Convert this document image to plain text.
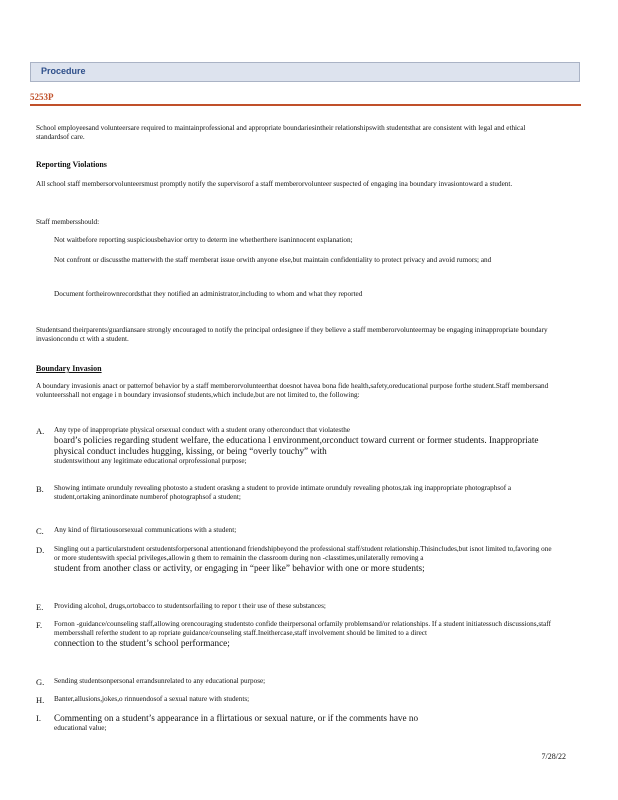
Procedure
5253P
School employeesand volunteersare required to maintainprofessional and appropriate boundariesintheir relationshipswith studentsthat are consistent with legal and ethical standardsof care.
Reporting Violations
All school staff membersorvolunteersmust promptly notify the supervisorof a staff memberorvolunteer suspected of engaging ina boundary invasiontoward a student.
Staff membersshould:
Not waitbefore reporting suspiciousbehavior ortry to determ ine whetherthere isaninnocent explanation;
Not confront or discussthe matterwith the staff memberat issue orwith anyone else,but maintain confidentiality to protect privacy and avoid rumors; and
Document fortheirownrecordsthat they notified an administrator,including to whom and what they reported
Studentsand theirparents/guardiansare strongly encouraged to notify the principal ordesignee if they believe a staff memberorvolunteermay be engaging ininappropriate boundary invasioncondu ct with a student.
Boundary Invasion
A boundary invasionis anact or patternof behavior by a staff memberorvolunteerthat doesnot havea bona fide health,safety,oreducational purpose forthe student.Staff membersand volunteersshall not engage i n boundary invasionsof students,which include,but are not limited to, the following:
A. Any type of inappropriate physical orsexual conduct with a student orany otherconduct that violatesthe
board’s policies regarding student welfare, the educationa l environment,orconduct toward current or former students. Inappropriate physical conduct includes hugging, kissing, or being “overly touchy” with
studentswithout any legitimate educational orprofessional purpose;
B. Showing intimate orunduly revealing photosto a student oraskng a student to provide intimate orunduly revealing photos,tak ing inappropriate photographsof a student,ortaking aninordinate numberof photographsof a student;
C. Any kind of flirtatiousorsexual communications with a student;
D. Singling out a particularstudent orstudentsforpersonal attentionand friendshipbeyond the professional staff/student relationship.Thisincludes,but isnot limited to,favoring one or more studentswith special privileges,allowin g them to remainin the classroom during non -classtimes,unilaterally removing a
student from another class or activity, or engaging in “peer like” behavior with one or more students;
E. Providing alcohol, drugs,ortobacco to studentsorfailing to repor t their use of these substances;
F. Fornon -guidance/counseling staff,allowing orencouraging studentsto confide theirpersonal orfamily problemsand/or relationships. If a student initiatessuch discussions,staff membersshall referthe student to ap ropriate guidance/counseling staff.Ineithercase,staff involvement should be limited to a direct
connection to the student’s school performance;
G. Sending studentsonpersonal errandsunrelated to any educational purpose;
H. Banter,allusions,jokes,o rinnuendosof a sexual nature with students;
I. Commenting on a student’s appearance in a flirtatious or sexual nature, or if the comments have no
educational value;
7/28/22
